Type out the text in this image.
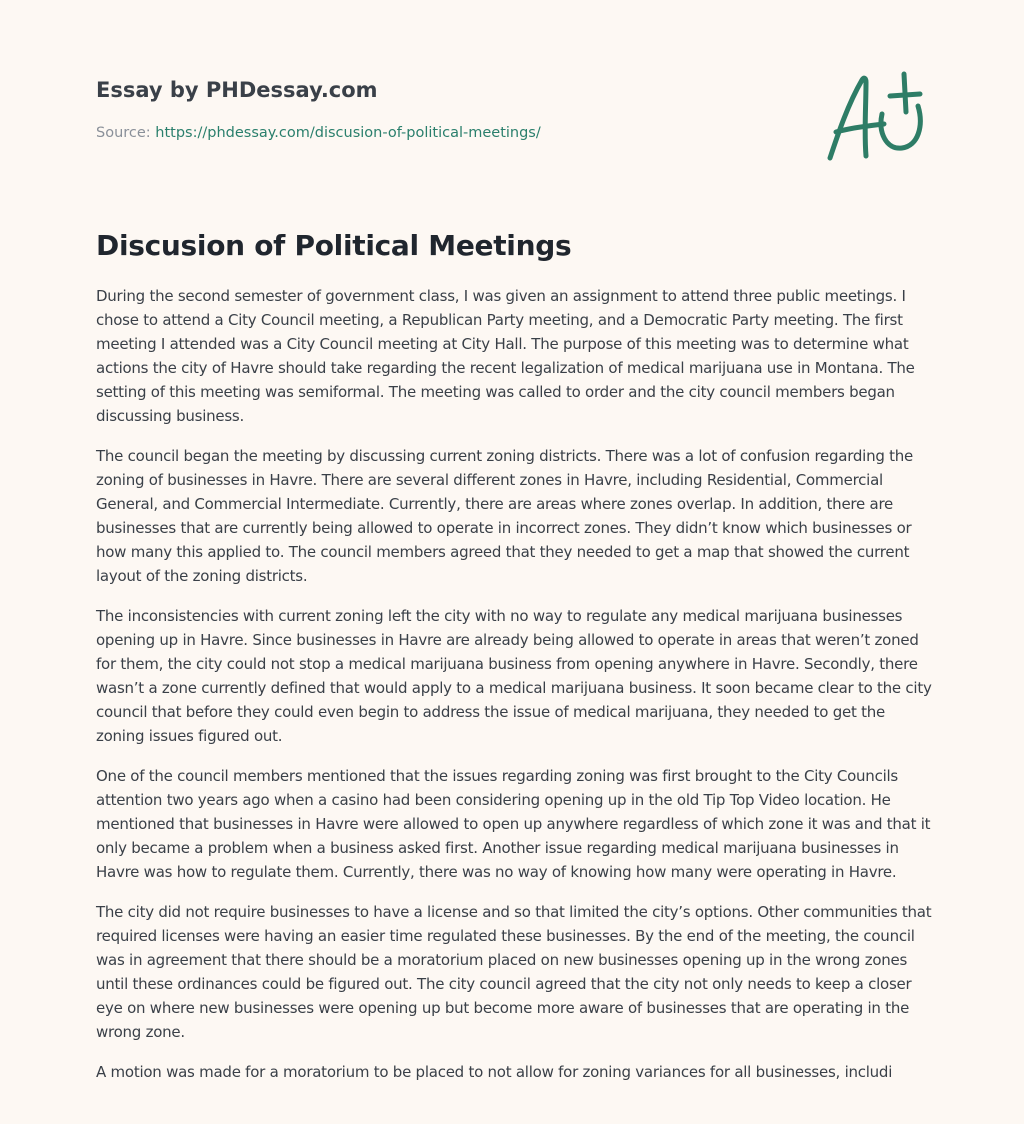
Essay by PHDessay.com
Source: https://phdessay.com/discusion-of-political-meetings/
Discusion of Political Meetings

During the second semester of government class, I was given an assignment to attend three public meetings. I chose to attend a City Council meeting, a Republican Party meeting, and a Democratic Party meeting. The first meeting I attended was a City Council meeting at City Hall. The purpose of this meeting was to determine what actions the city of Havre should take regarding the recent legalization of medical marijuana use in Montana. The setting of this meeting was semiformal. The meeting was called to order and the city council members began discussing business.

The council began the meeting by discussing current zoning districts. There was a lot of confusion regarding the zoning of businesses in Havre. There are several different zones in Havre, including Residential, Commercial General, and Commercial Intermediate. Currently, there are areas where zones overlap. In addition, there are businesses that are currently being allowed to operate in incorrect zones. They didn’t know which businesses or how many this applied to. The council members agreed that they needed to get a map that showed the current layout of the zoning districts.

The inconsistencies with current zoning left the city with no way to regulate any medical marijuana businesses opening up in Havre. Since businesses in Havre are already being allowed to operate in areas that weren’t zoned for them, the city could not stop a medical marijuana business from opening anywhere in Havre. Secondly, there wasn’t a zone currently defined that would apply to a medical marijuana business. It soon became clear to the city council that before they could even begin to address the issue of medical marijuana, they needed to get the zoning issues figured out.

One of the council members mentioned that the issues regarding zoning was first brought to the City Councils attention two years ago when a casino had been considering opening up in the old Tip Top Video location. He mentioned that businesses in Havre were allowed to open up anywhere regardless of which zone it was and that it only became a problem when a business asked first. Another issue regarding medical marijuana businesses in Havre was how to regulate them. Currently, there was no way of knowing how many were operating in Havre.

The city did not require businesses to have a license and so that limited the city’s options. Other communities that required licenses were having an easier time regulated these businesses. By the end of the meeting, the council was in agreement that there should be a moratorium placed on new businesses opening up in the wrong zones until these ordinances could be figured out. The city council agreed that the city not only needs to keep a closer eye on where new businesses were opening up but become more aware of businesses that are operating in the wrong zone.

A motion was made for a moratorium to be placed to not allow for zoning variances for all businesses, includi
